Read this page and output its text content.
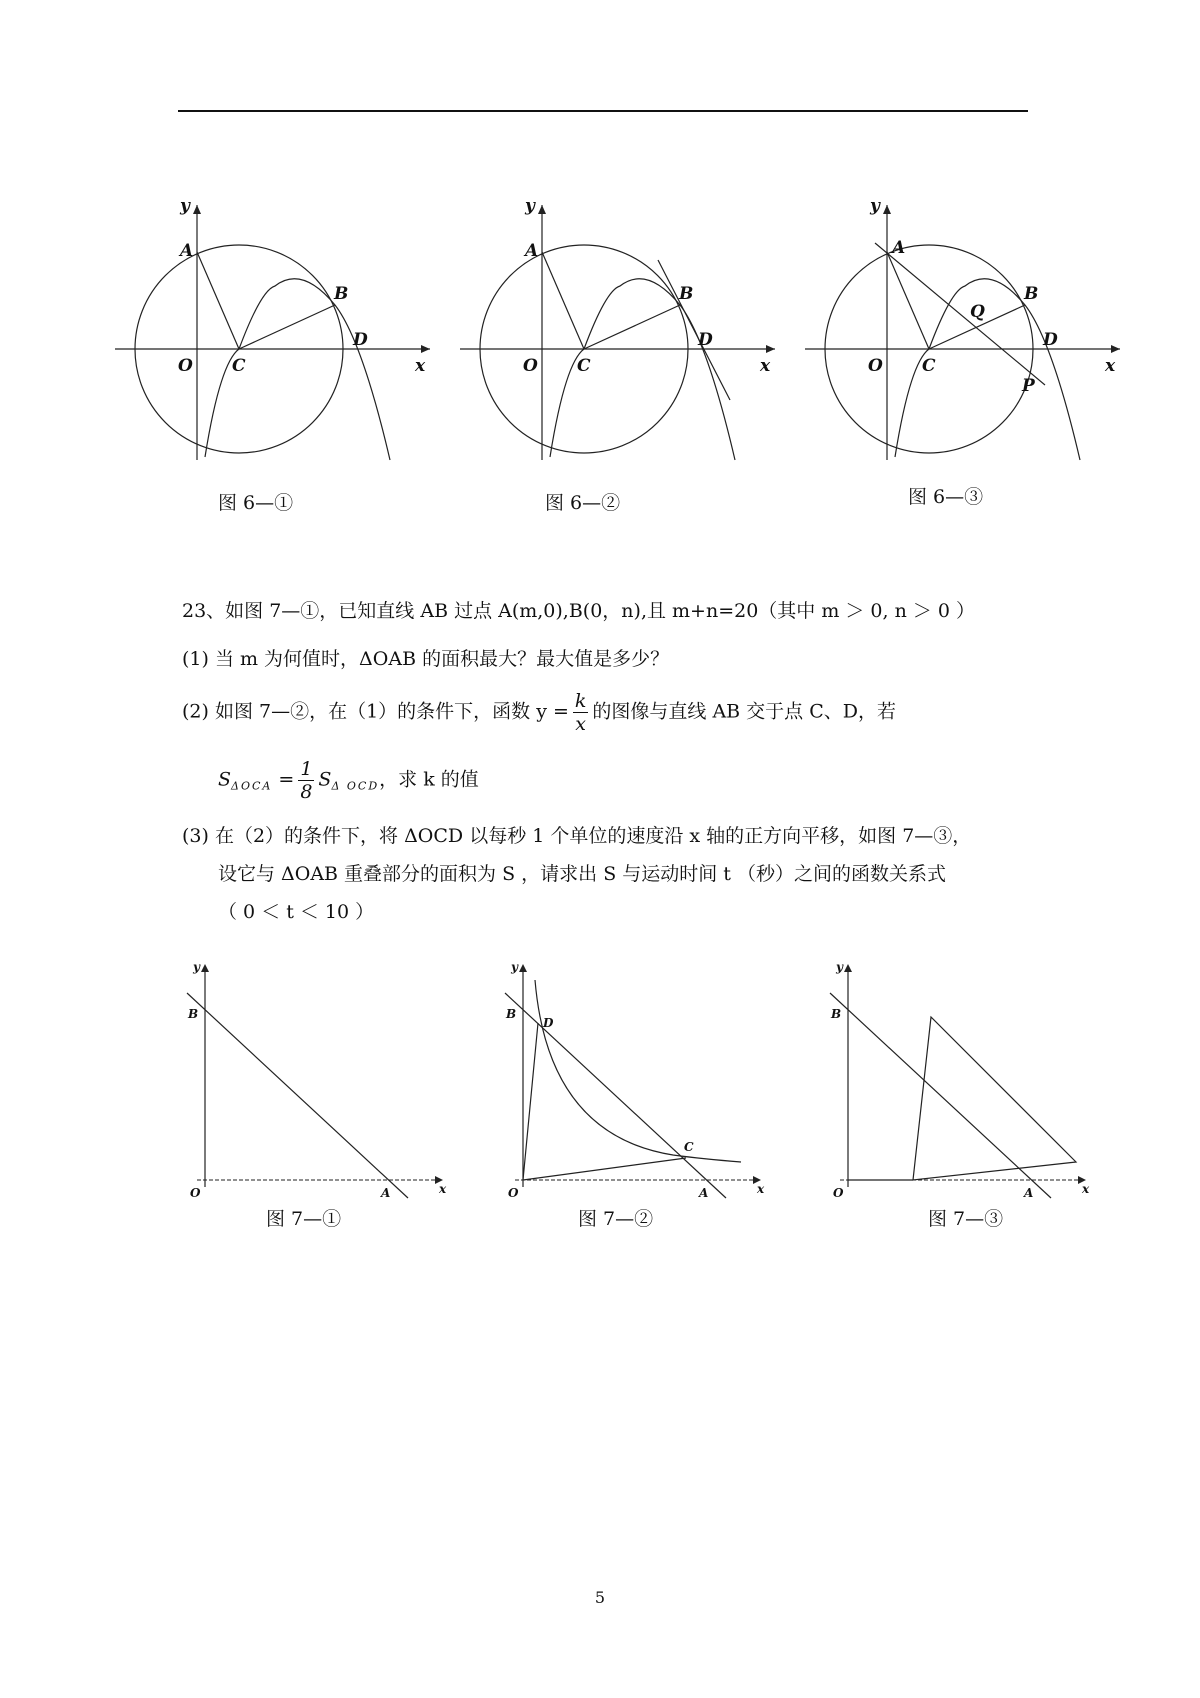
y
A
B
O C
D
x
图 6—①
y
A
B
O C
D
x
图 6—②
y
A
B
Q
O C
D
P
x
图 6—③
23、如图 7—①，已知直线 AB 过点 A(m,0),B(0，n),且 m+n=20（其中 m ＞ 0, n ＞ 0 ）
(1) 当 m 为何值时，ΔOAB 的面积最大？最大值是多少？
(2) 如图 7—②，在（1）的条件下，函数 $y = \frac{k}{x}$ 的图像与直线 AB 交于点 C、D，若
$S_{\Delta OCA} = \frac{1}{8} S_{\Delta OCD}$，求 k 的值
(3) 在（2）的条件下，将 ΔOCD 以每秒 1 个单位的速度沿 x 轴的正方向平移，如图 7—③，
设它与 ΔOAB 重叠部分的面积为 S ，请求出 S 与运动时间 t （秒）之间的函数关系式
（ 0 ＜ t ＜ 10 ）
y
B
O	A	x
图 7—①
y
B
D
C
O	A	x
图 7—②
y
B
O	A	x
图 7—③
5
